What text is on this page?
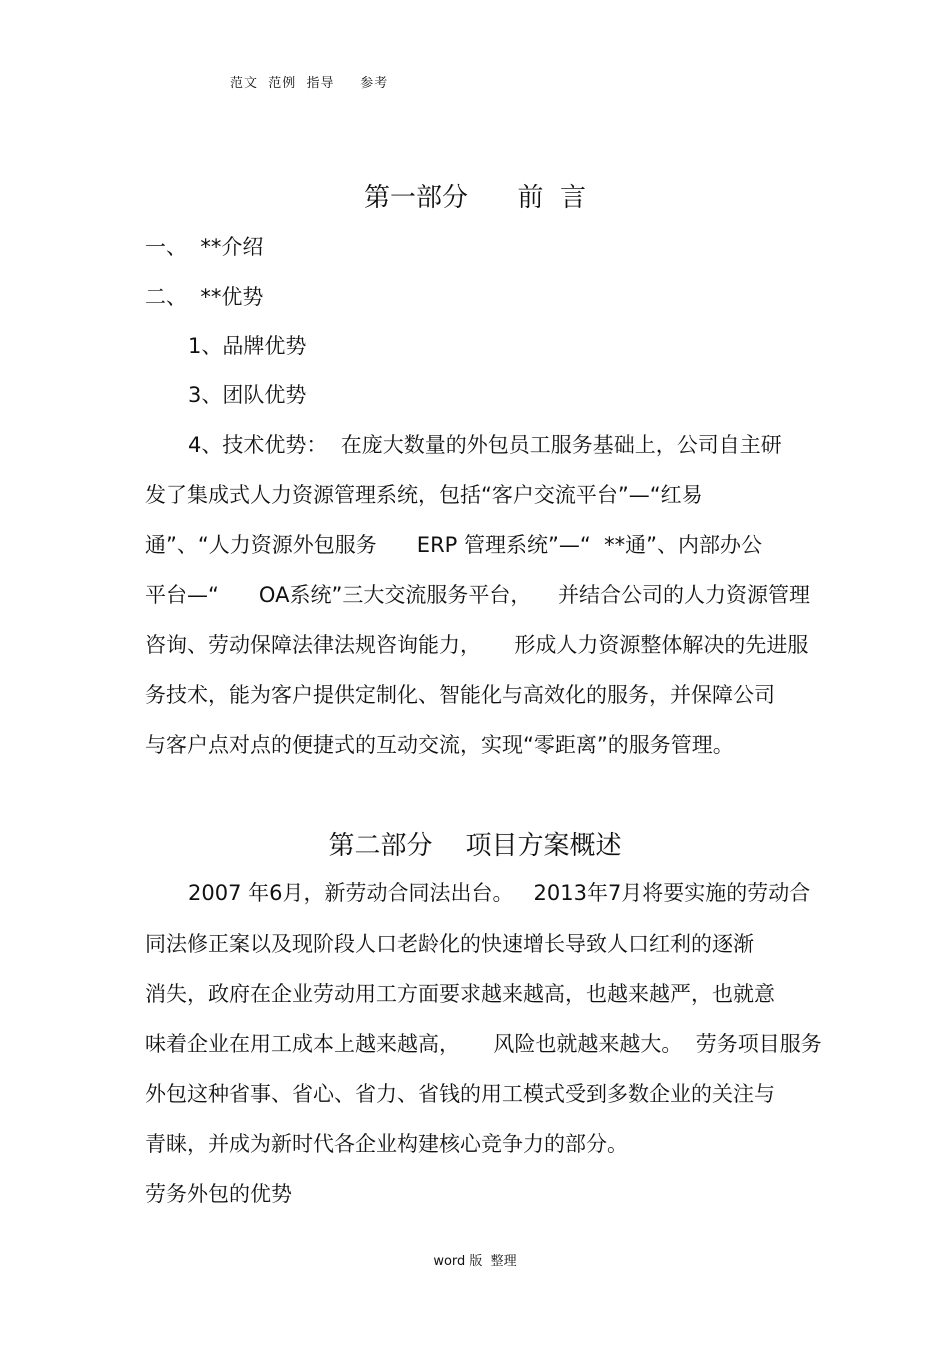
范文  范例  指导     参考
第一部分      前  言
一、  **介绍
二、  **优势
1、品牌优势
3、团队优势
4、技术优势：  在庞大数量的外包员工服务基础上，公司自主研
发了集成式人力资源管理系统，包括“客户交流平台”—“红易
通”、“人力资源外包服务      ERP 管理系统”—“  **通”、内部办公
平台—“      OA系统”三大交流服务平台，    并结合公司的人力资源管理
咨询、劳动保障法律法规咨询能力，     形成人力资源整体解决的先进服
务技术，能为客户提供定制化、智能化与高效化的服务，并保障公司
与客户点对点的便捷式的互动交流，实现“零距离”的服务管理。
第二部分    项目方案概述
2007 年6月，新劳动合同法出台。   2013年7月将要实施的劳动合
同法修正案以及现阶段人口老龄化的快速增长导致人口红利的逐渐
消失，政府在企业劳动用工方面要求越来越高，也越来越严，也就意
味着企业在用工成本上越来越高，     风险也就越来越大。  劳务项目服务
外包这种省事、省心、省力、省钱的用工模式受到多数企业的关注与
青睐，并成为新时代各企业构建核心竞争力的部分。
劳务外包的优势
word 版  整理
